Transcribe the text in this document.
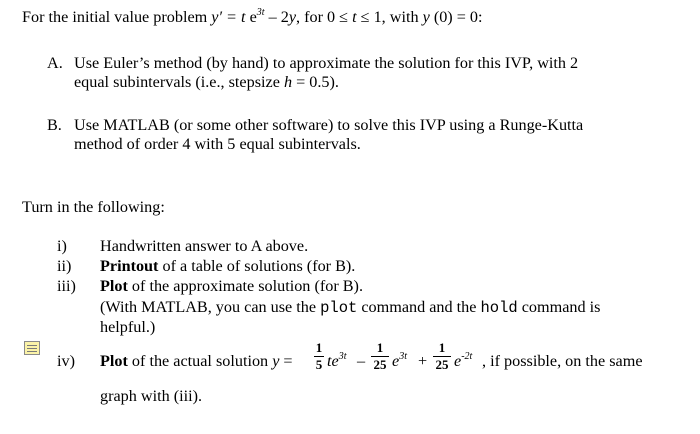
For the initial value problem y′ = t $e^{3t} - 2y$, for 0 ≤ t ≤ 1, with y (0) = 0:
A. Use Euler’s method (by hand) to approximate the solution for this IVP, with 2
equal subintervals (i.e., stepsize h = 0.5).
B. Use MATLAB (or some other software) to solve this IVP using a Runge-Kutta
method of order 4 with 5 equal subintervals.
Turn in the following:
i) Handwritten answer to A above.
ii) Printout of a table of solutions (for B).
iii) Plot of the approximate solution (for B).
(With MATLAB, you can use the plot command and the hold command is
helpful.)
iv) Plot of the actual solution y =
1
5 $te^{3t}$ –
1
25 $e^{3t}$ +
1
25 $e^{-2t}$ , if possible, on the same
graph with (iii).
